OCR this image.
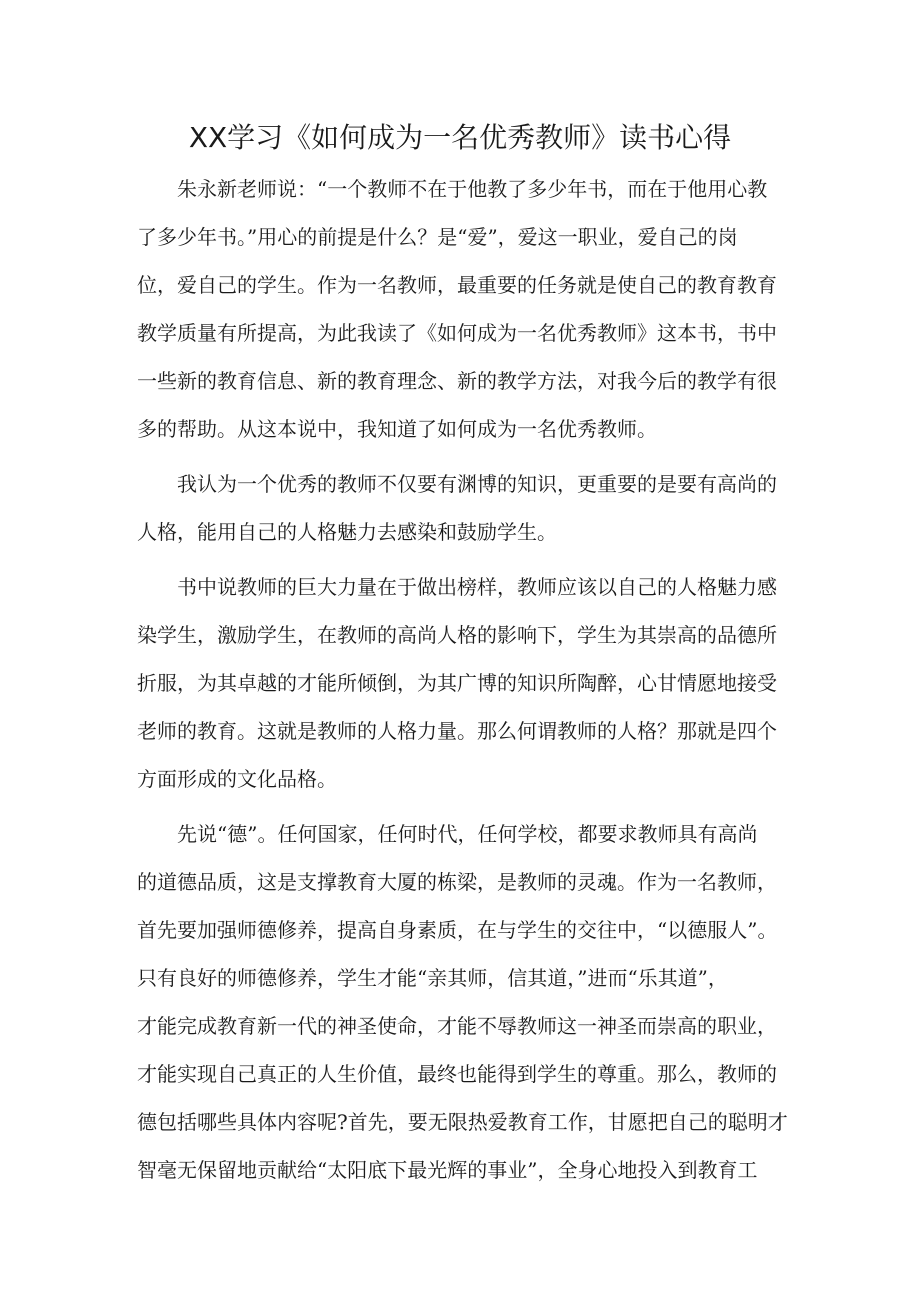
XX学习《如何成为一名优秀教师》读书心得
朱永新老师说：“一个教师不在于他教了多少年书，而在于他用心教
了多少年书。”用心的前提是什么？是“爱”，爱这一职业，爱自己的岗
位，爱自己的学生。作为一名教师，最重要的任务就是使自己的教育教育
教学质量有所提高，为此我读了《如何成为一名优秀教师》这本书，书中
一些新的教育信息、新的教育理念、新的教学方法，对我今后的教学有很
多的帮助。从这本说中，我知道了如何成为一名优秀教师。
我认为一个优秀的教师不仅要有渊博的知识，更重要的是要有高尚的
人格，能用自己的人格魅力去感染和鼓励学生。
书中说教师的巨大力量在于做出榜样，教师应该以自己的人格魅力感
染学生，激励学生，在教师的高尚人格的影响下，学生为其崇高的品德所
折服，为其卓越的才能所倾倒，为其广博的知识所陶醉，心甘情愿地接受
老师的教育。这就是教师的人格力量。那么何谓教师的人格？那就是四个
方面形成的文化品格。
先说“德”。任何国家，任何时代，任何学校，都要求教师具有高尚
的道德品质，这是支撑教育大厦的栋梁，是教师的灵魂。作为一名教师，
首先要加强师德修养，提高自身素质，在与学生的交往中，“以德服人”。
只有良好的师德修养，学生才能“亲其师，信其道，”进而“乐其道”，
才能完成教育新一代的神圣使命，才能不辱教师这一神圣而崇高的职业，
才能实现自己真正的人生价值，最终也能得到学生的尊重。那么，教师的
德包括哪些具体内容呢?首先，要无限热爱教育工作，甘愿把自己的聪明才
智毫无保留地贡献给“太阳底下最光辉的事业”，全身心地投入到教育工
